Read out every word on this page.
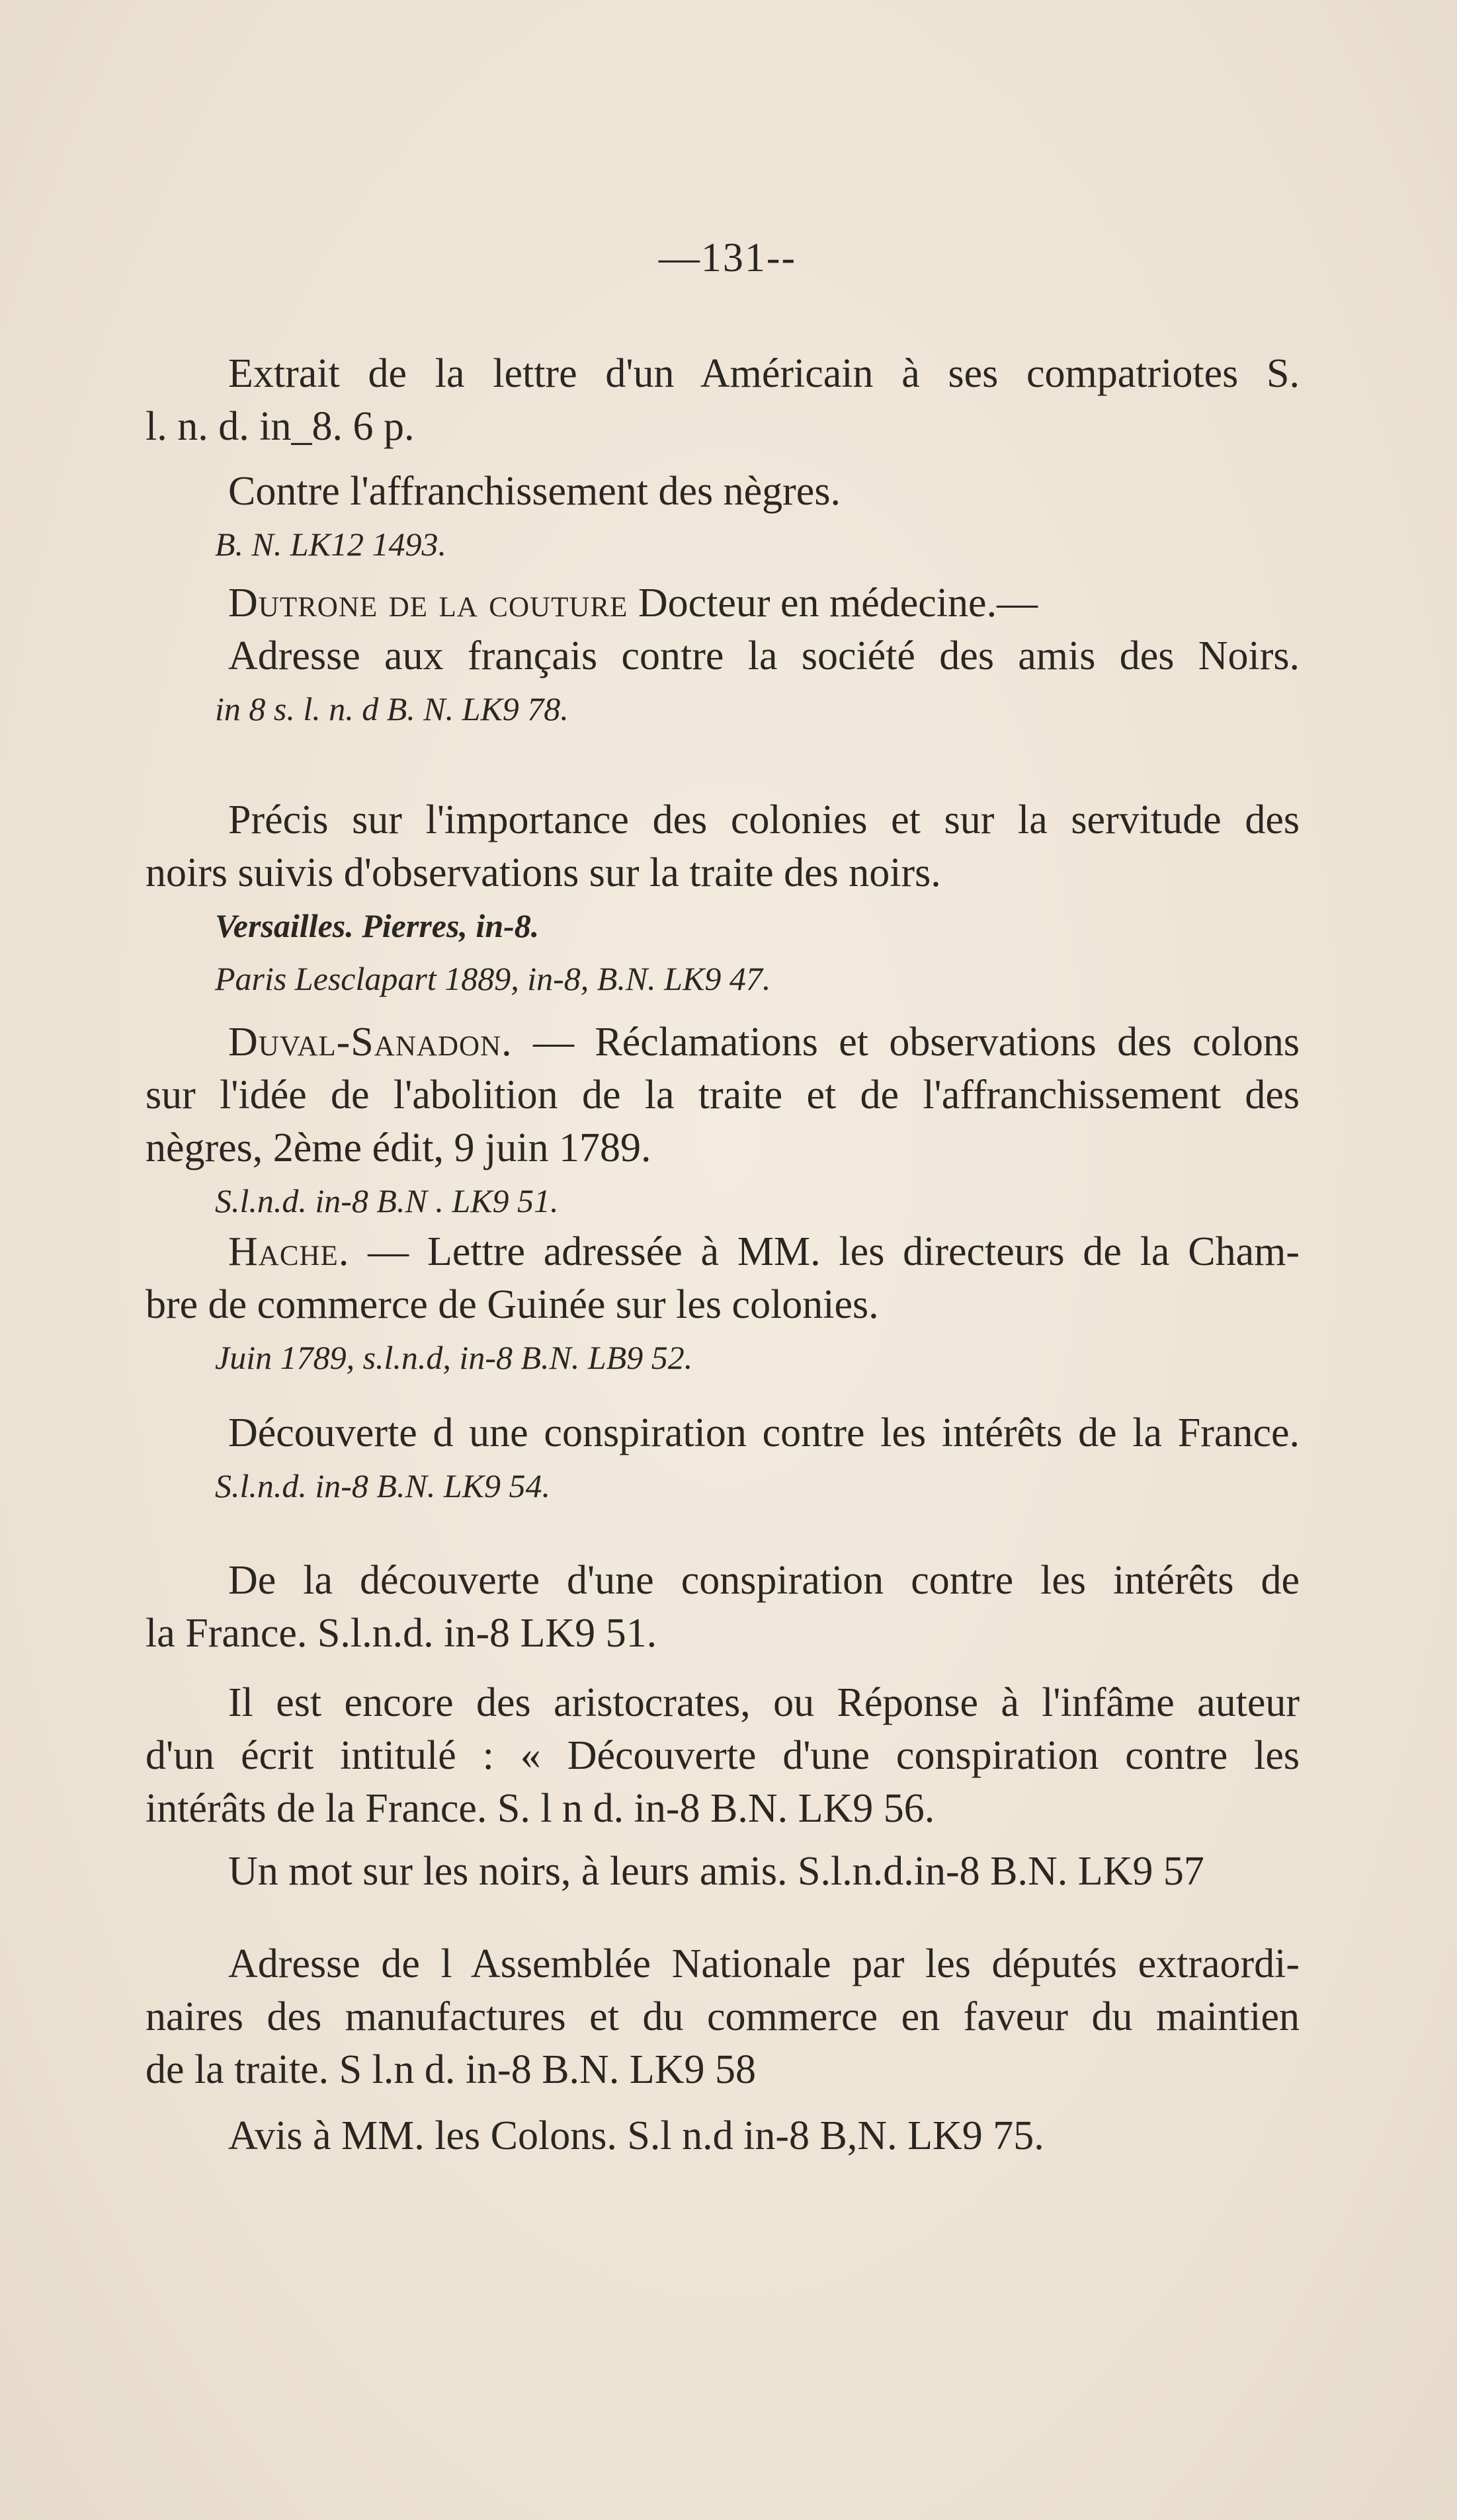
—131--
Extrait de la lettre d'un Américain à ses compatriotes S.
l. n. d. in_8. 6 p.
Contre l'affranchissement des nègres.
B. N. LK12 1493.
Dutrone de la couture Docteur en médecine.—
Adresse aux français contre la société des amis des Noirs.
in 8 s. l. n. d B. N. LK9 78.
Précis sur l'importance des colonies et sur la servitude des
noirs suivis d'observations sur la traite des noirs.
Versailles. Pierres, in-8.
Paris Lesclapart 1889, in-8, B.N. LK9 47.
Duval-Sanadon. — Réclamations et observations des colons
sur l'idée de l'abolition de la traite et de l'affranchissement des
nègres, 2ème édit, 9 juin 1789.
S.l.n.d. in-8 B.N . LK9 51.
Hache. — Lettre adressée à MM. les directeurs de la Cham-
bre de commerce de Guinée sur les colonies.
Juin 1789, s.l.n.d, in-8 B.N. LB9 52.
Découverte d une conspiration contre les intérêts de la France.
S.l.n.d. in-8 B.N. LK9 54.
De la découverte d'une conspiration contre les intérêts de
la France. S.l.n.d. in-8 LK9 51.
Il est encore des aristocrates, ou Réponse à l'infâme auteur
d'un écrit intitulé : « Découverte d'une conspiration contre les
intérâts de la France. S. l n d. in-8 B.N. LK9 56.
Un mot sur les noirs, à leurs amis. S.l.n.d.in-8 B.N. LK9 57
Adresse de l Assemblée Nationale par les députés extraordi-
naires des manufactures et du commerce en faveur du maintien
de la traite. S l.n d. in-8 B.N. LK9 58
Avis à MM. les Colons. S.l n.d in-8 B,N. LK9 75.
